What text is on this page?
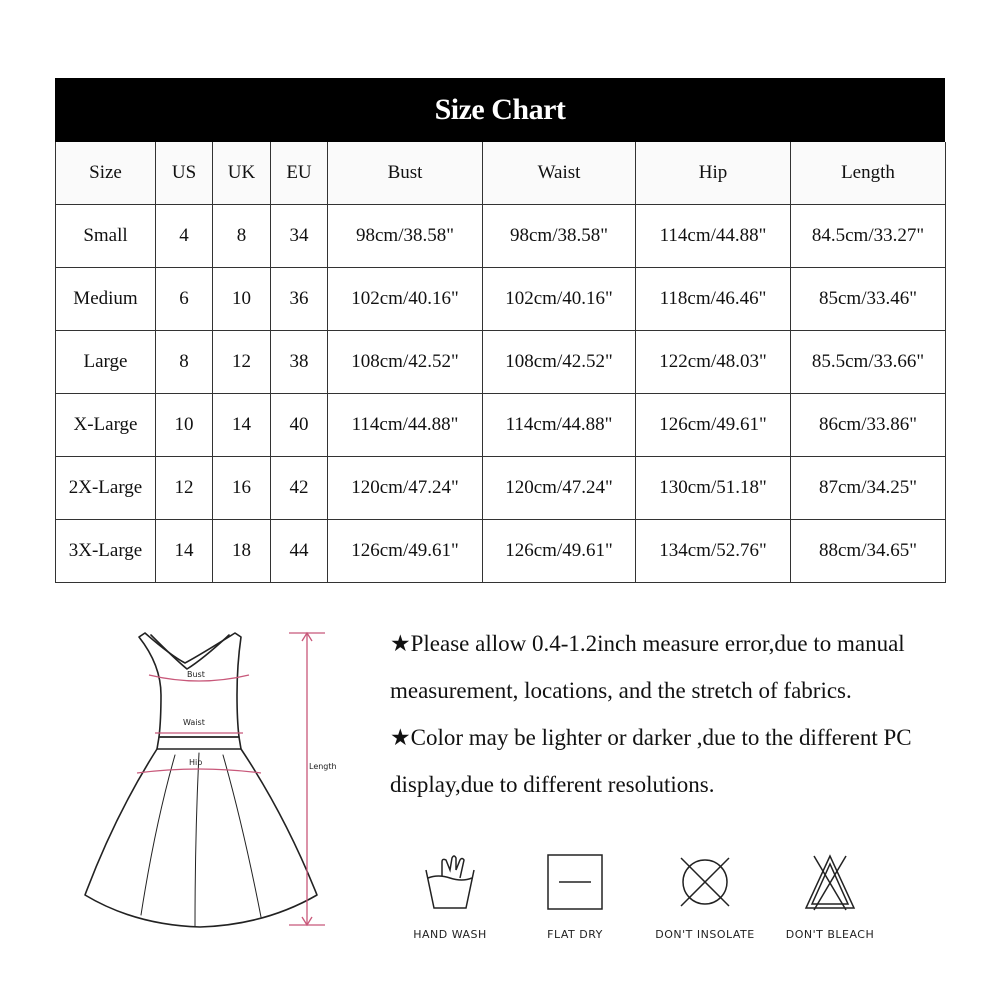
Size Chart
Size	US	UK	EU	Bust	Waist	Hip	Length
Small	4	8	34	98cm/38.58"	98cm/38.58"	114cm/44.88"	84.5cm/33.27"
Medium	6	10	36	102cm/40.16"	102cm/40.16"	118cm/46.46"	85cm/33.46"
Large	8	12	38	108cm/42.52"	108cm/42.52"	122cm/48.03"	85.5cm/33.66"
X-Large	10	14	40	114cm/44.88"	114cm/44.88"	126cm/49.61"	86cm/33.86"
2X-Large	12	16	42	120cm/47.24"	120cm/47.24"	130cm/51.18"	87cm/34.25"
3X-Large	14	18	44	126cm/49.61"	126cm/49.61"	134cm/52.76"	88cm/34.65"
Bust
Waist
Hip	Length

★Please allow 0.4-1.2inch measure error,due to manual measurement, locations, and the stretch of fabrics.

★Color may be lighter or darker ,due to the different PC display,due to different resolutions.

HAND WASH	FLAT DRY	DON'T INSOLATE	DON'T BLEACH
